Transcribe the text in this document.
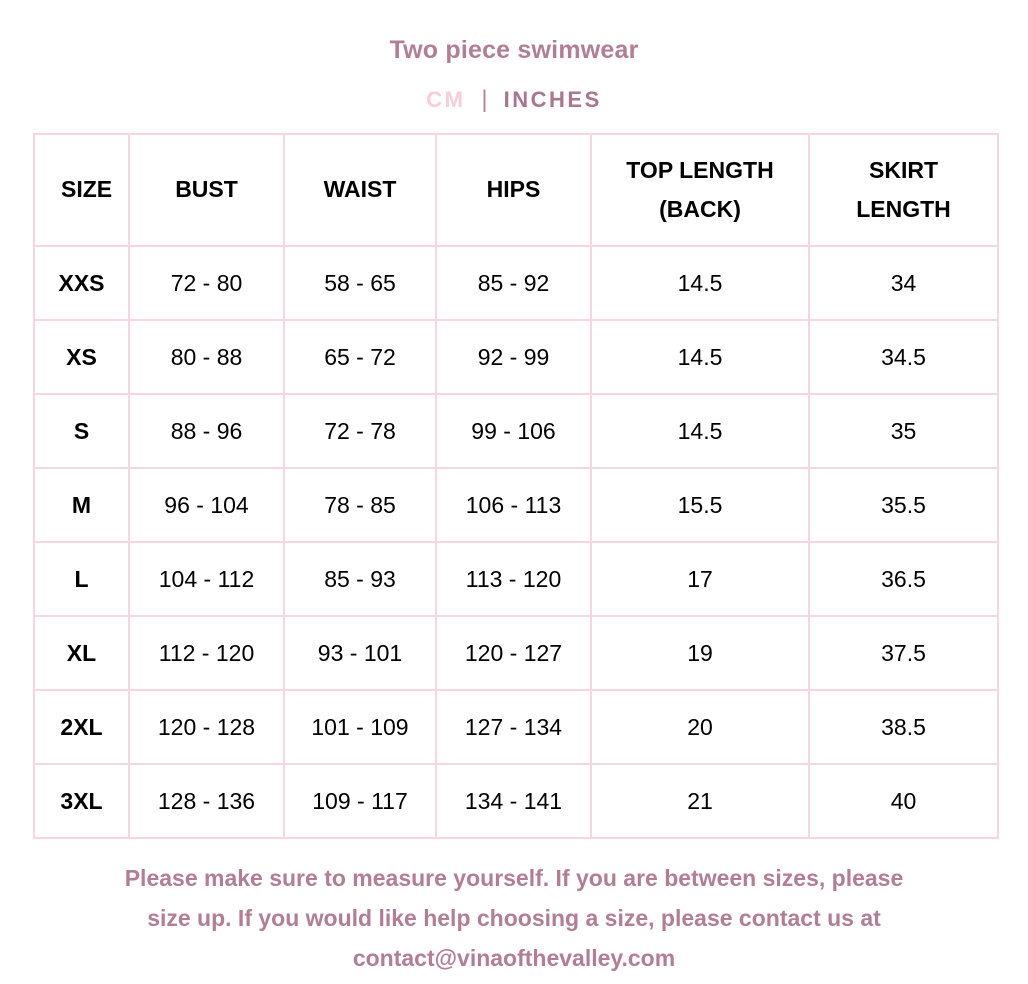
Two piece swimwear
CM | INCHES
SIZE	BUST	WAIST	HIPS	TOP LENGTH (BACK)	SKIRT LENGTH
XXS	72 - 80	58 - 65	85 - 92	14.5	34
XS	80 - 88	65 - 72	92 - 99	14.5	34.5
S	88 - 96	72 - 78	99 - 106	14.5	35
M	96 - 104	78 - 85	106 - 113	15.5	35.5
L	104 - 112	85 - 93	113 - 120	17	36.5
XL	112 - 120	93 - 101	120 - 127	19	37.5
2XL	120 - 128	101 - 109	127 - 134	20	38.5
3XL	128 - 136	109 - 117	134 - 141	21	40
Please make sure to measure yourself. If you are between sizes, please
size up. If you would like help choosing a size, please contact us at
contact@vinaofthevalley.com
